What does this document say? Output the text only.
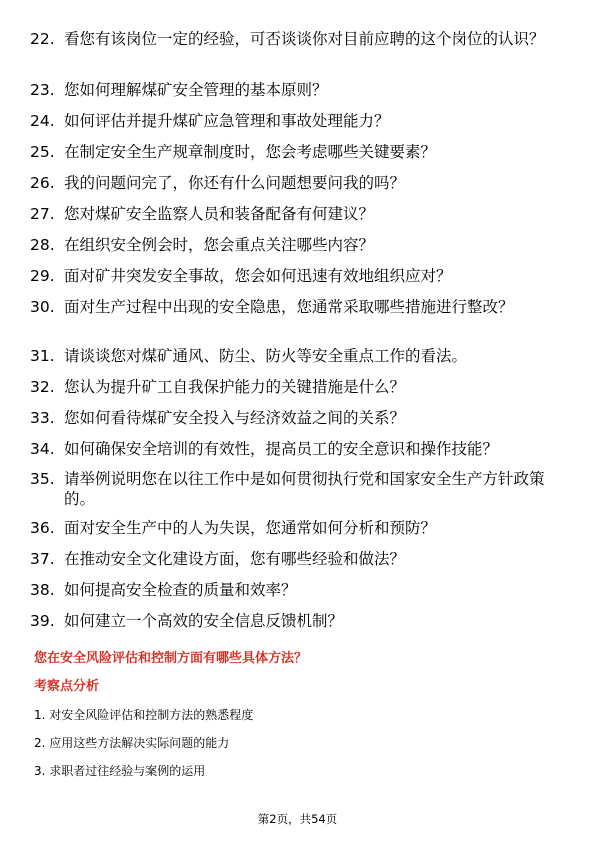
22. 看您有该岗位一定的经验，可否谈谈你对目前应聘的这个岗位的认识？
23. 您如何理解煤矿安全管理的基本原则？
24. 如何评估并提升煤矿应急管理和事故处理能力？
25. 在制定安全生产规章制度时，您会考虑哪些关键要素？
26. 我的问题问完了，你还有什么问题想要问我的吗？
27. 您对煤矿安全监察人员和装备配备有何建议？
28. 在组织安全例会时，您会重点关注哪些内容？
29. 面对矿井突发安全事故，您会如何迅速有效地组织应对？
30. 面对生产过程中出现的安全隐患，您通常采取哪些措施进行整改？
31. 请谈谈您对煤矿通风、防尘、防火等安全重点工作的看法。
32. 您认为提升矿工自我保护能力的关键措施是什么？
33. 您如何看待煤矿安全投入与经济效益之间的关系？
34. 如何确保安全培训的有效性，提高员工的安全意识和操作技能？
35. 请举例说明您在以往工作中是如何贯彻执行党和国家安全生产方针政策的。
36. 面对安全生产中的人为失误，您通常如何分析和预防？
37. 在推动安全文化建设方面，您有哪些经验和做法？
38. 如何提高安全检查的质量和效率？
39. 如何建立一个高效的安全信息反馈机制？
您在安全风险评估和控制方面有哪些具体方法？
考察点分析
1. 对安全风险评估和控制方法的熟悉程度
2. 应用这些方法解决实际问题的能力
3. 求职者过往经验与案例的运用
第2页，共54页
